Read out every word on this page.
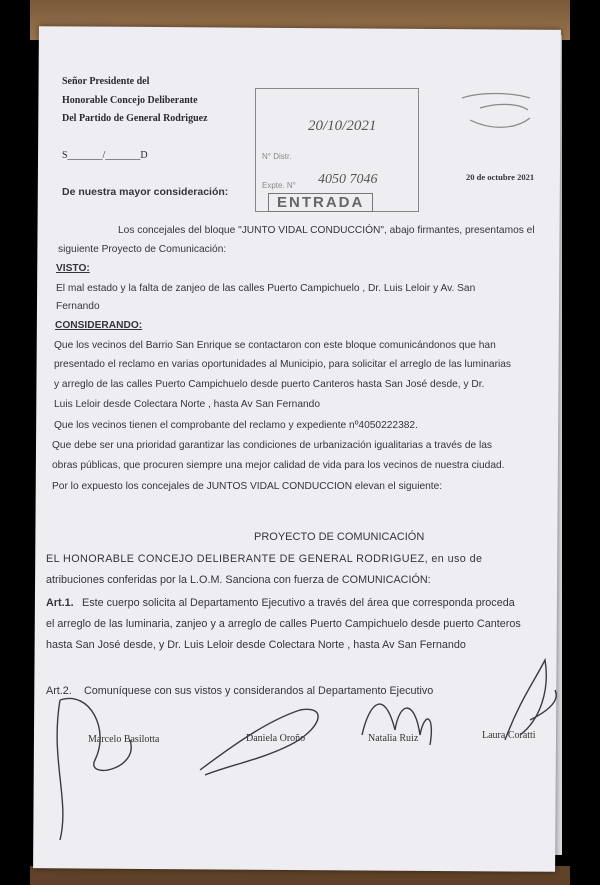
Señor Presidente del
Honorable Concejo Deliberante
Del Partido de General Rodriguez
S_______/_______D
De nuestra mayor consideración:
20 de octubre 2021
N° Distr.
Expte. N°
20/10/2021
4050 7046
ENTRADA
Los concejales del bloque "JUNTO VIDAL CONDUCCIÓN", abajo firmantes, presentamos el
siguiente Proyecto de Comunicación:
VISTO:
El mal estado y la falta de zanjeo de las calles Puerto Campichuelo , Dr. Luis Leloir y Av. San
Fernando
CONSIDERANDO:
Que los vecinos del Barrio San Enrique se contactaron con este bloque comunicándonos que han
presentado el reclamo en varias oportunidades al Municipio, para solicitar el arreglo de las luminarias
y arreglo de las calles Puerto Campichuelo desde puerto Canteros hasta San José desde, y Dr.
Luis Leloir desde Colectara Norte , hasta Av San Fernando
Que los vecinos tienen el comprobante del reclamo y expediente nº4050222382.
Que debe ser una prioridad garantizar las condiciones de urbanización igualitarias a través de las
obras públicas, que procuren siempre una mejor calidad de vida para los vecinos de nuestra ciudad.
Por lo expuesto los concejales de JUNTOS VIDAL CONDUCCION elevan el siguiente:
PROYECTO DE COMUNICACIÓN
EL HONORABLE CONCEJO DELIBERANTE DE GENERAL RODRIGUEZ, en uso de
atribuciones conferidas por la L.O.M. Sanciona con fuerza de COMUNICACIÓN:
Art.1. Este cuerpo solicita al Departamento Ejecutivo a través del área que corresponda proceda
el arreglo de las luminaria, zanjeo y a arreglo de calles Puerto Campichuelo desde puerto Canteros
hasta San José desde, y Dr. Luis Leloir desde Colectara Norte , hasta Av San Fernando
Art.2. Comuníquese con sus vistos y considerandos al Departamento Ejecutivo
Marcelo Basilotta	Daniela Oroño	Natalia Ruiz	Laura Coratti
